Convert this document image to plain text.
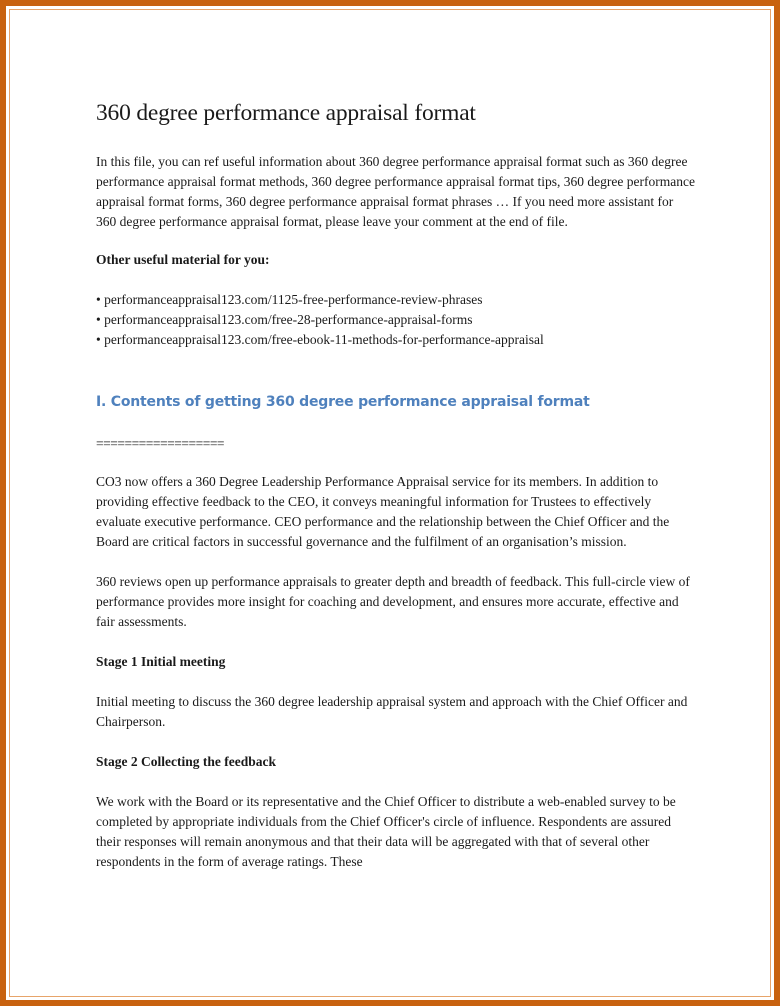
360 degree performance appraisal format

In this file, you can ref useful information about 360 degree performance appraisal format such as 360 degree performance appraisal format methods, 360 degree performance appraisal format tips, 360 degree performance appraisal format forms, 360 degree performance appraisal format phrases … If you need more assistant for 360 degree performance appraisal format, please leave your comment at the end of file.

Other useful material for you:

• performanceappraisal123.com/1125-free-performance-review-phrases
• performanceappraisal123.com/free-28-performance-appraisal-forms
• performanceappraisal123.com/free-ebook-11-methods-for-performance-appraisal
I. Contents of getting 360 degree performance appraisal format

==================

CO3 now offers a 360 Degree Leadership Performance Appraisal service for its members. In addition to providing effective feedback to the CEO, it conveys meaningful information for Trustees to effectively evaluate executive performance. CEO performance and the relationship between the Chief Officer and the Board are critical factors in successful governance and the fulfilment of an organisation’s mission.

360 reviews open up performance appraisals to greater depth and breadth of feedback. This full-circle view of performance provides more insight for coaching and development, and ensures more accurate, effective and fair assessments.

Stage 1 Initial meeting

Initial meeting to discuss the 360 degree leadership appraisal system and approach with the Chief Officer and Chairperson.

Stage 2 Collecting the feedback

We work with the Board or its representative and the Chief Officer to distribute a web-enabled survey to be completed by appropriate individuals from the Chief Officer's circle of influence. Respondents are assured their responses will remain anonymous and that their data will be aggregated with that of several other respondents in the form of average ratings. These
